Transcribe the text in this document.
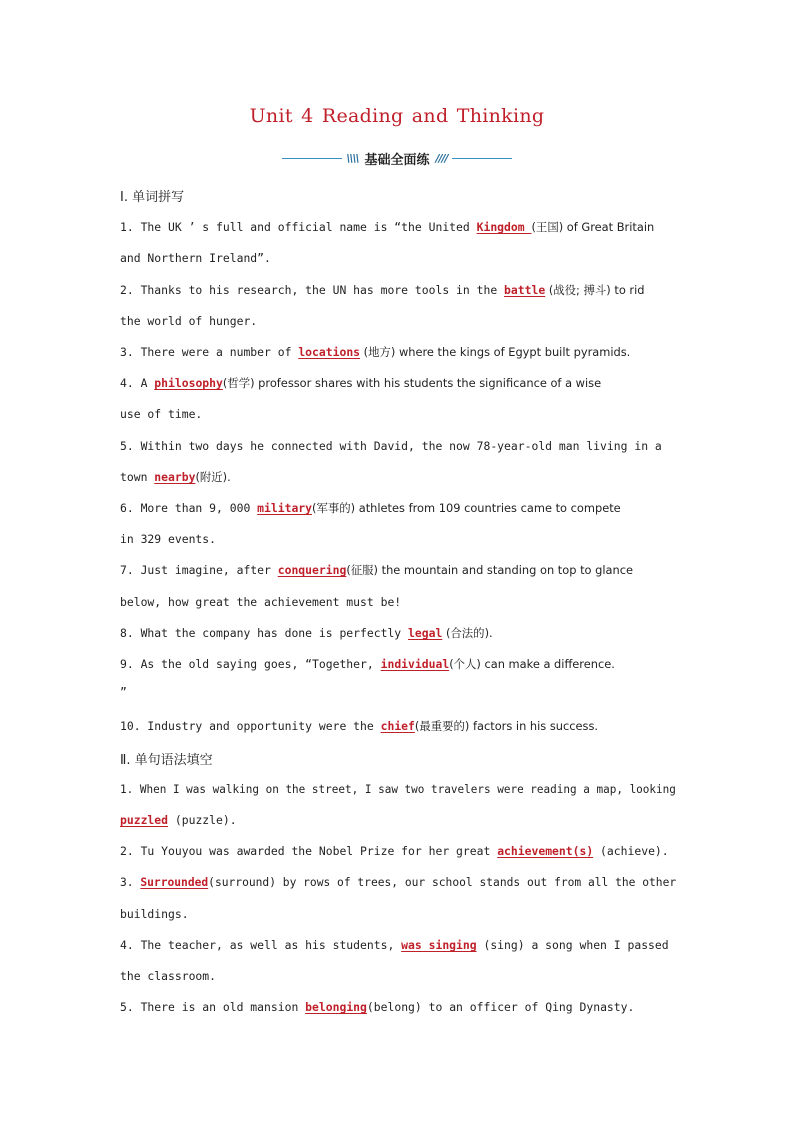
Unit 4 Reading and Thinking
\\\\ 基础全面练 ////
Ⅰ. 单词拼写
1. The UK ’ s full and official name is “the United Kingdom (王国) of Great Britain
and Northern Ireland”.
2. Thanks to his research, the UN has more tools in the battle (战役; 搏斗) to rid
the world of hunger.
3. There were a number of locations (地方) where the kings of Egypt built pyramids.
4. A philosophy(哲学) professor shares with his students the significance of a wise
use of time.
5. Within two days he connected with David, the now 78-year-old man living in a
town nearby(附近).
6. More than 9, 000 military(军事的) athletes from 109 countries came to compete
in 329 events.
7. Just imagine, after conquering(征服) the mountain and standing on top to glance
below, how great the achievement must be!
8. What the company has done is perfectly legal (合法的).
9. As the old saying goes, “Together, individual(个人) can make a difference.
”
10. Industry and opportunity were the chief(最重要的) factors in his success.
Ⅱ. 单句语法填空
1. When I was walking on the street, I saw two travelers were reading a map, looking
puzzled (puzzle).
2. Tu Youyou was awarded the Nobel Prize for her great achievement(s) (achieve).
3. Surrounded(surround) by rows of trees, our school stands out from all the other
buildings.
4. The teacher, as well as his students, was singing (sing) a song when I passed
the classroom.
5. There is an old mansion belonging(belong) to an officer of Qing Dynasty.
